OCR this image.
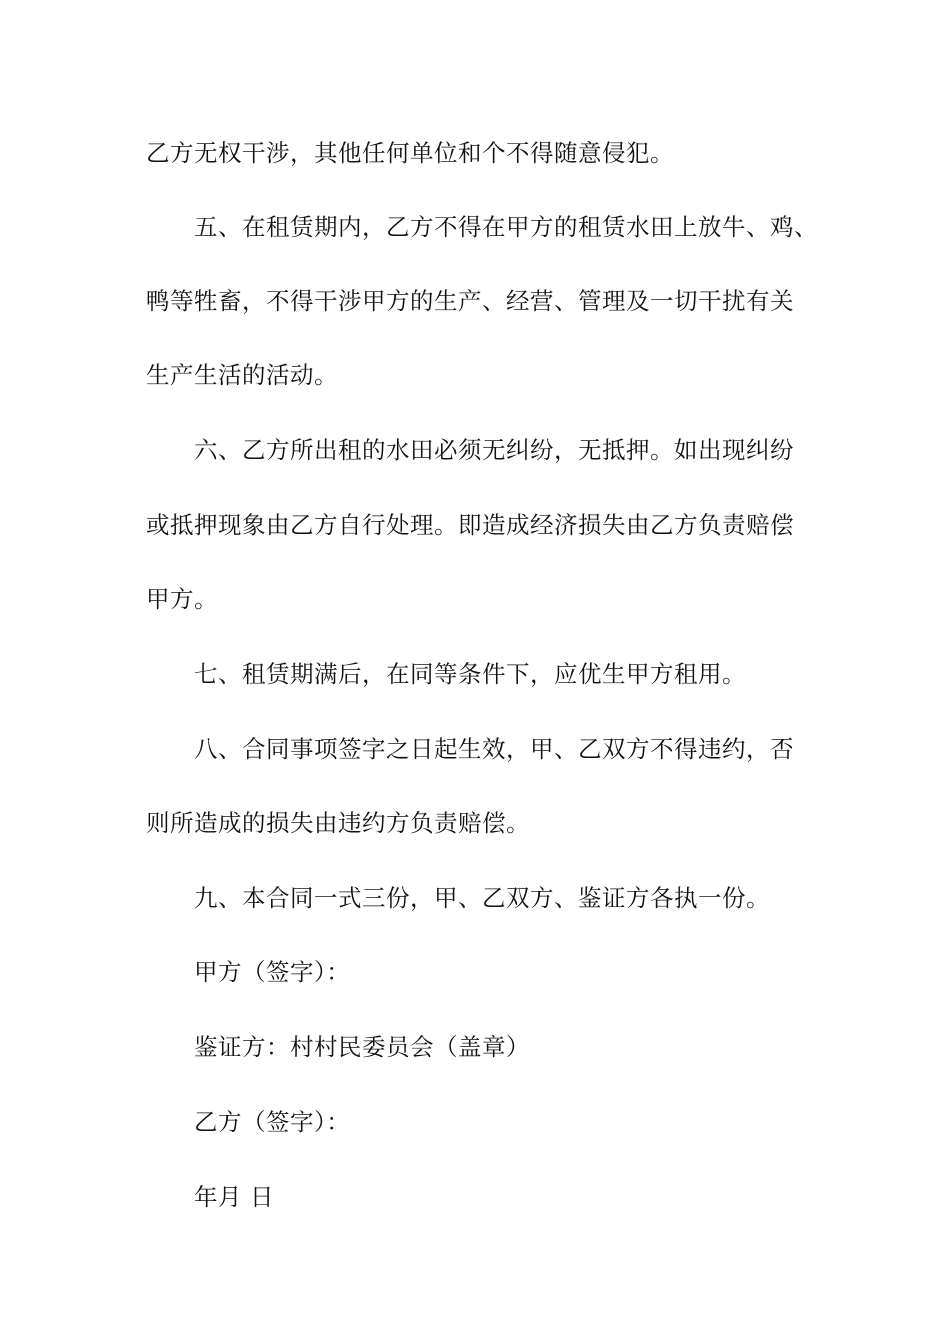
乙方无权干涉，其他任何单位和个不得随意侵犯。
五、在租赁期内，乙方不得在甲方的租赁水田上放牛、鸡、
鸭等牲畜，不得干涉甲方的生产、经营、管理及一切干扰有关
生产生活的活动。
六、乙方所出租的水田必须无纠纷，无抵押。如出现纠纷
或抵押现象由乙方自行处理。即造成经济损失由乙方负责赔偿
甲方。
七、租赁期满后，在同等条件下，应优生甲方租用。
八、合同事项签字之日起生效，甲、乙双方不得违约，否
则所造成的损失由违约方负责赔偿。
九、本合同一式三份，甲、乙双方、鉴证方各执一份。
甲方（签字）：
鉴证方：村村民委员会（盖章）
乙方（签字）：
年月 日
